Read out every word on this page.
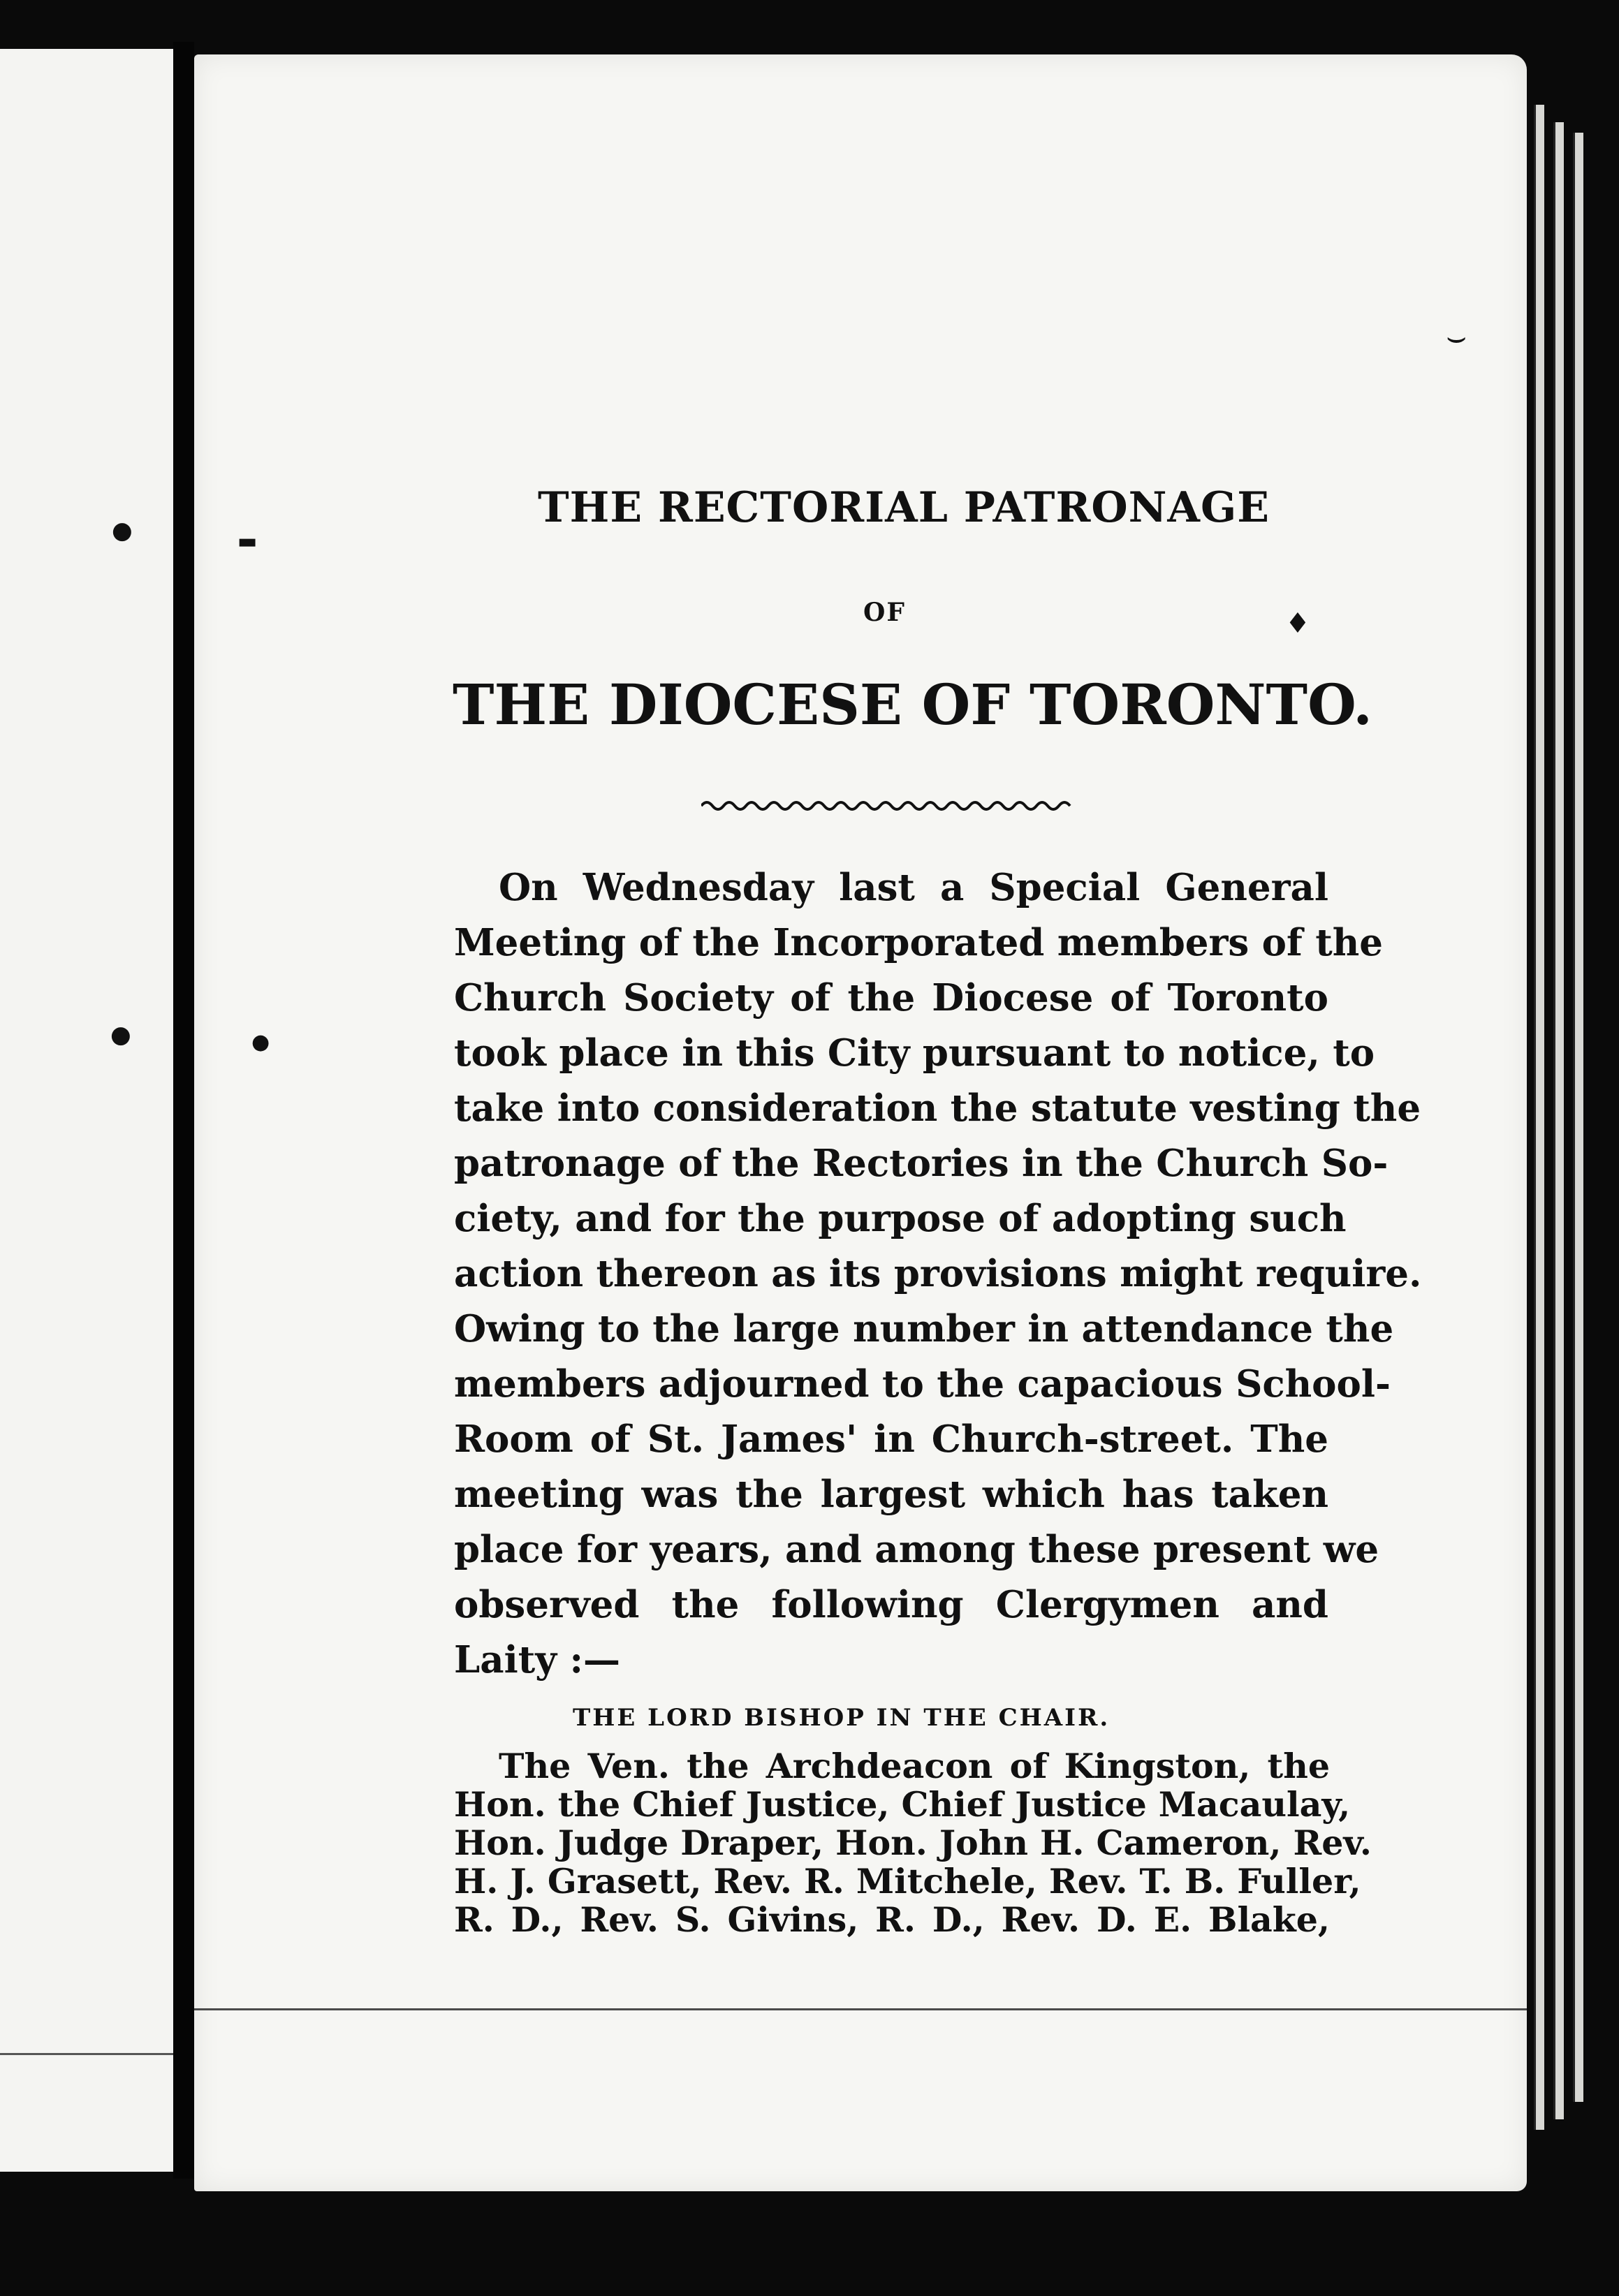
●
●	●
▬
♦
⌣
THE RECTORIAL PATRONAGE
OF
THE DIOCESE OF TORONTO.
On Wednesday last a Special General
Meeting of the Incorporated members of the
Church Society of the Diocese of Toronto
took place in this City pursuant to notice, to
take into consideration the statute vesting the
patronage of the Rectories in the Church So-
ciety, and for the purpose of adopting such
action thereon as its provisions might require.
Owing to the large number in attendance the
members adjourned to the capacious School-
Room of St. James' in Church-street. The
meeting was the largest which has taken
place for years, and among these present we
observed the following Clergymen and
Laity :—
THE LORD BISHOP IN THE CHAIR.
The Ven. the Archdeacon of Kingston, the
Hon. the Chief Justice, Chief Justice Macaulay,
Hon. Judge Draper, Hon. John H. Cameron, Rev.
H. J. Grasett, Rev. R. Mitchele, Rev. T. B. Fuller,
R. D., Rev. S. Givins, R. D., Rev. D. E. Blake,
